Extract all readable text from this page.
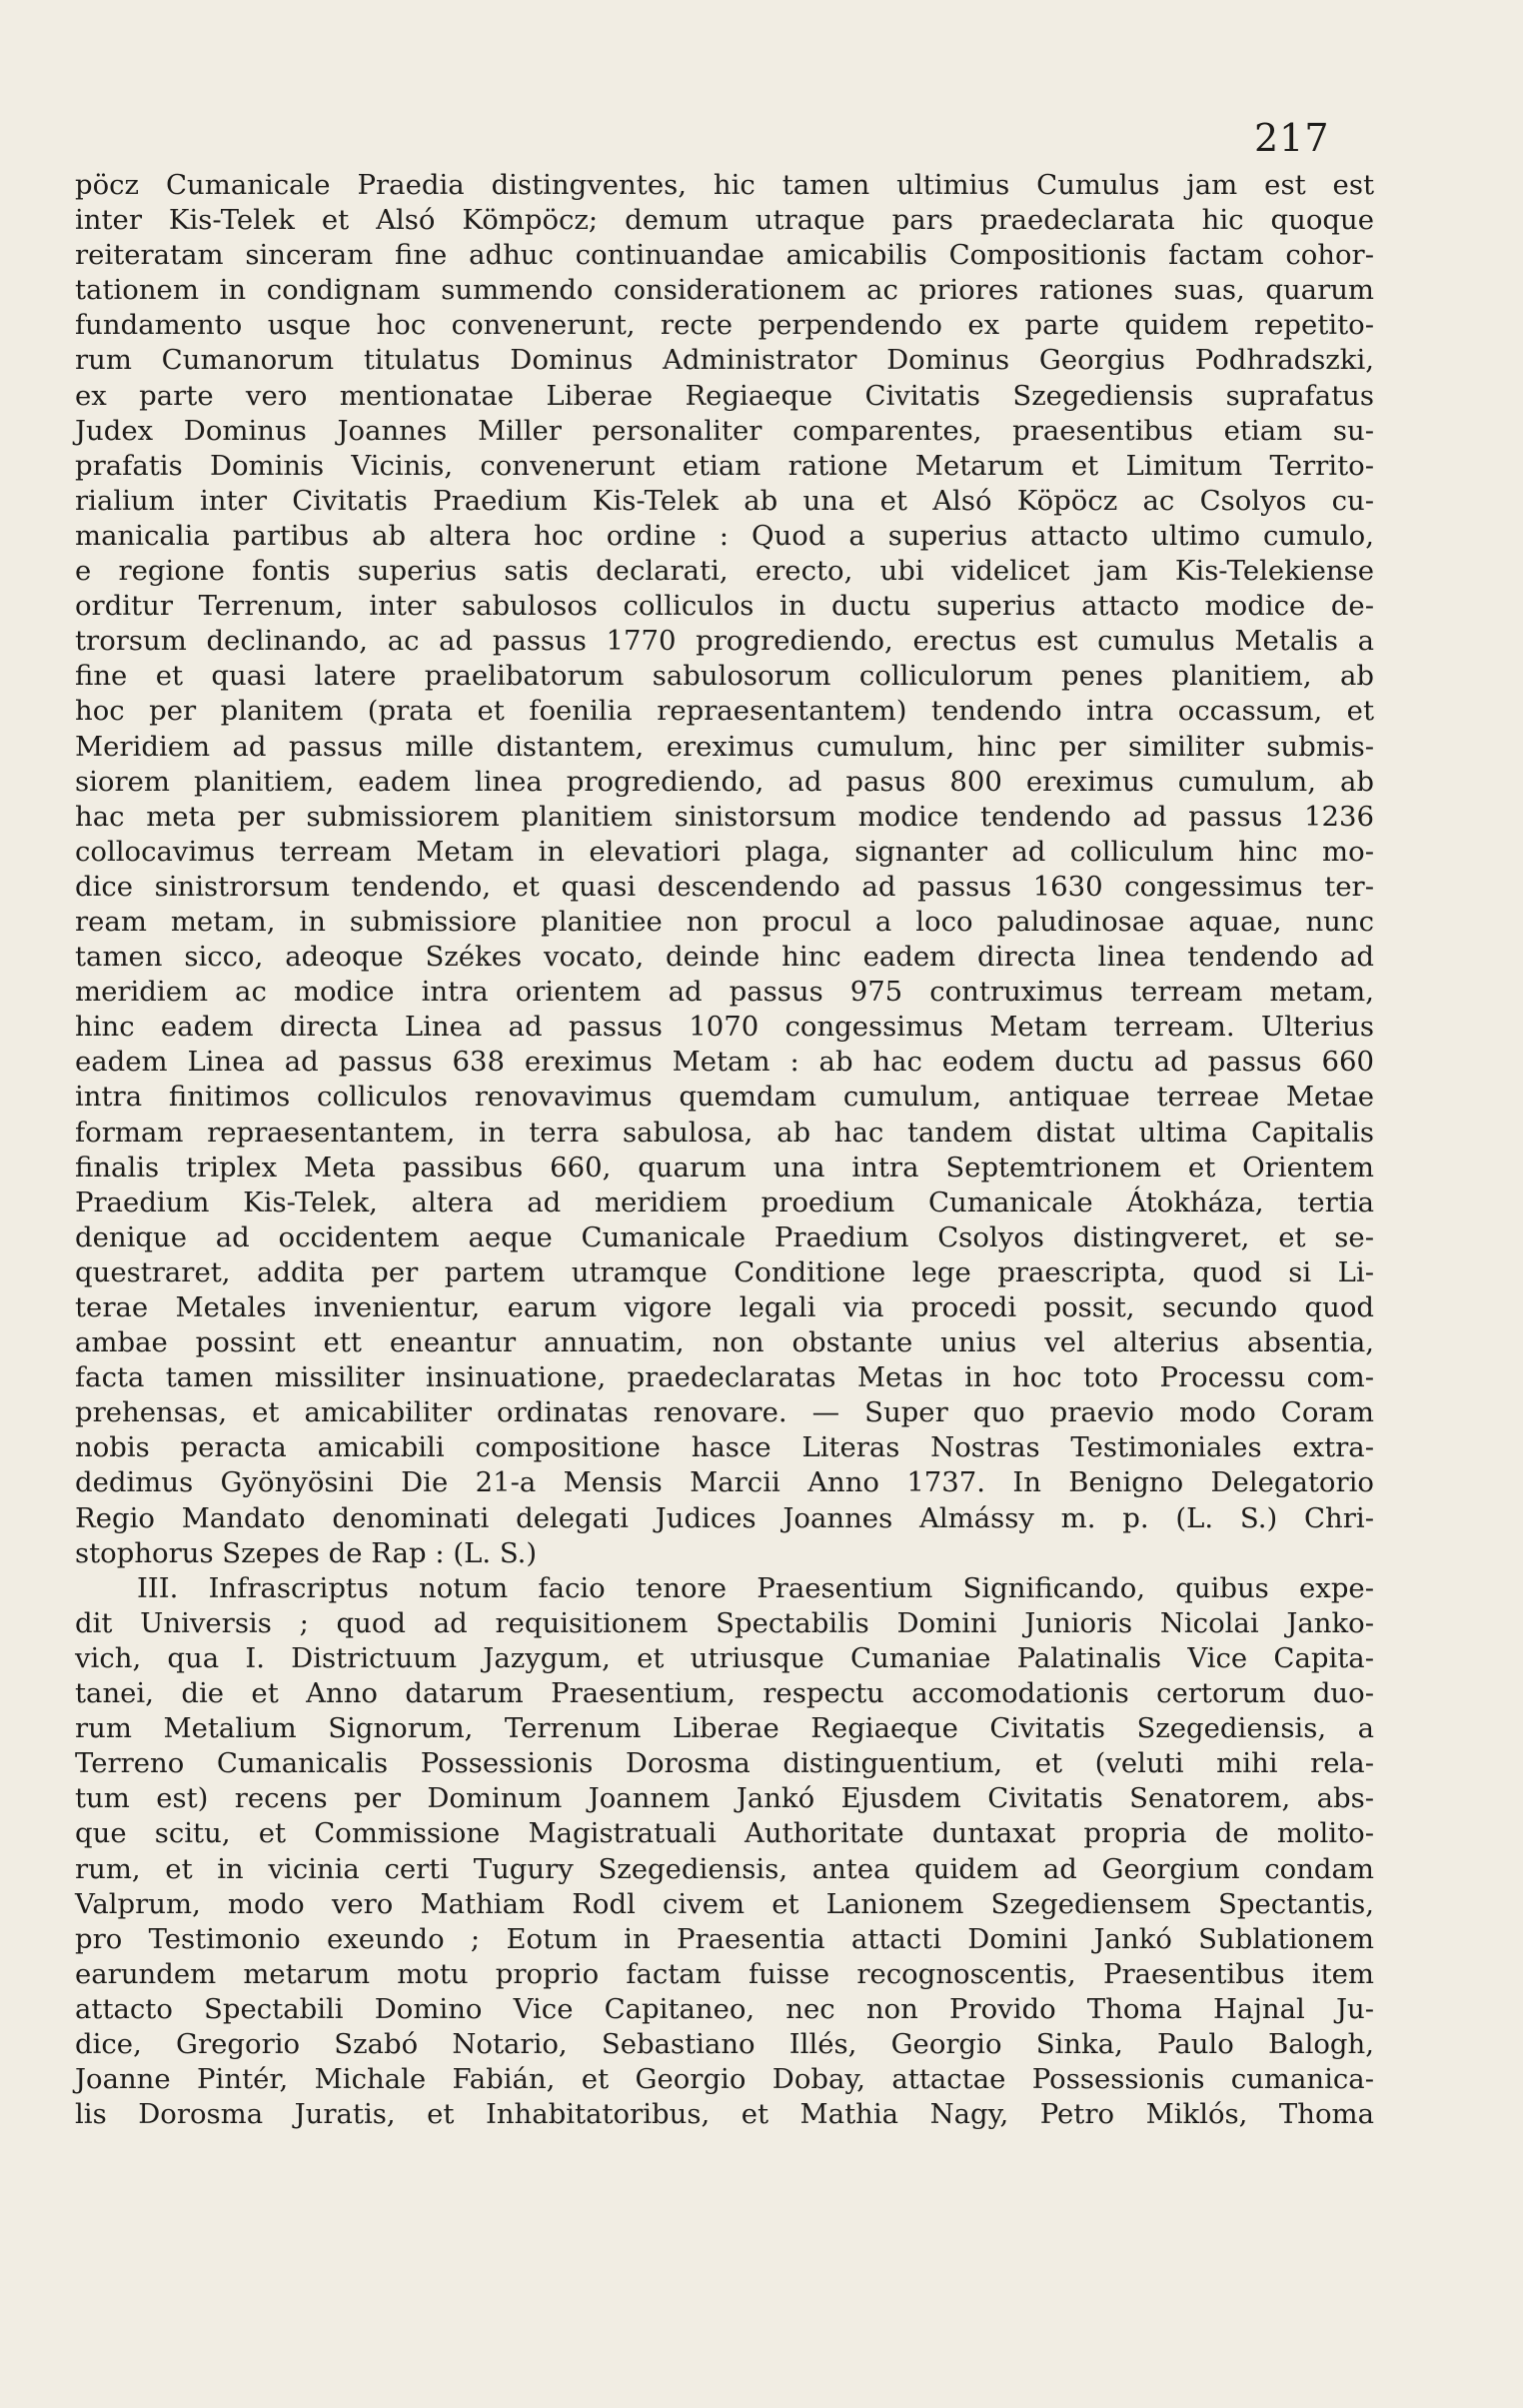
217
pöcz Cumanicale Praedia distingventes, hic tamen ultimius Cumulus jam est est
inter Kis-Telek et Alsó Kömpöcz; demum utraque pars praedeclarata hic quoque
reiteratam sinceram fine adhuc continuandae amicabilis Compositionis factam cohor-
tationem in condignam summendo considerationem ac priores rationes suas, quarum
fundamento usque hoc convenerunt, recte perpendendo ex parte quidem repetito-
rum Cumanorum titulatus Dominus Administrator Dominus Georgius Podhradszki,
ex parte vero mentionatae Liberae Regiaeque Civitatis Szegediensis suprafatus
Judex Dominus Joannes Miller personaliter comparentes, praesentibus etiam su-
prafatis Dominis Vicinis, convenerunt etiam ratione Metarum et Limitum Territo-
rialium inter Civitatis Praedium Kis-Telek ab una et Alsó Köpöcz ac Csolyos cu-
manicalia partibus ab altera hoc ordine : Quod a superius attacto ultimo cumulo,
e regione fontis superius satis declarati, erecto, ubi videlicet jam Kis-Telekiense
orditur Terrenum, inter sabulosos colliculos in ductu superius attacto modice de-
trorsum declinando, ac ad passus 1770 progrediendo, erectus est cumulus Metalis a
fine et quasi latere praelibatorum sabulosorum colliculorum penes planitiem, ab
hoc per planitem (prata et foenilia repraesentantem) tendendo intra occassum, et
Meridiem ad passus mille distantem, ereximus cumulum, hinc per similiter submis-
siorem planitiem, eadem linea progrediendo, ad pasus 800 ereximus cumulum, ab
hac meta per submissiorem planitiem sinistorsum modice tendendo ad passus 1236
collocavimus terream Metam in elevatiori plaga, signanter ad colliculum hinc mo-
dice sinistrorsum tendendo, et quasi descendendo ad passus 1630 congessimus ter-
ream metam, in submissiore planitiee non procul a loco paludinosae aquae, nunc
tamen sicco, adeoque Székes vocato, deinde hinc eadem directa linea tendendo ad
meridiem ac modice intra orientem ad passus 975 contruximus terream metam,
hinc eadem directa Linea ad passus 1070 congessimus Metam terream. Ulterius
eadem Linea ad passus 638 ereximus Metam : ab hac eodem ductu ad passus 660
intra finitimos colliculos renovavimus quemdam cumulum, antiquae terreae Metae
formam repraesentantem, in terra sabulosa, ab hac tandem distat ultima Capitalis
finalis triplex Meta passibus 660, quarum una intra Septemtrionem et Orientem
Praedium Kis-Telek, altera ad meridiem proedium Cumanicale Átokháza, tertia
denique ad occidentem aeque Cumanicale Praedium Csolyos distingveret, et se-
questraret, addita per partem utramque Conditione lege praescripta, quod si Li-
terae Metales invenientur, earum vigore legali via procedi possit, secundo quod
ambae possint ett eneantur annuatim, non obstante unius vel alterius absentia,
facta tamen missiliter insinuatione, praedeclaratas Metas in hoc toto Processu com-
prehensas, et amicabiliter ordinatas renovare. — Super quo praevio modo Coram
nobis peracta amicabili compositione hasce Literas Nostras Testimoniales extra-
dedimus Gyönyösini Die 21-a Mensis Marcii Anno 1737. In Benigno Delegatorio
Regio Mandato denominati delegati Judices Joannes Almássy m. p. (L. S.) Chri-
stophorus Szepes de Rap : (L. S.)
III. Infrascriptus notum facio tenore Praesentium Significando, quibus expe-
dit Universis ; quod ad requisitionem Spectabilis Domini Junioris Nicolai Janko-
vich, qua I. Districtuum Jazygum, et utriusque Cumaniae Palatinalis Vice Capita-
tanei, die et Anno datarum Praesentium, respectu accomodationis certorum duo-
rum Metalium Signorum, Terrenum Liberae Regiaeque Civitatis Szegediensis, a
Terreno Cumanicalis Possessionis Dorosma distinguentium, et (veluti mihi rela-
tum est) recens per Dominum Joannem Jankó Ejusdem Civitatis Senatorem, abs-
que scitu, et Commissione Magistratuali Authoritate duntaxat propria de molito-
rum, et in vicinia certi Tugury Szegediensis, antea quidem ad Georgium condam
Valprum, modo vero Mathiam Rodl civem et Lanionem Szegediensem Spectantis,
pro Testimonio exeundo ; Eotum in Praesentia attacti Domini Jankó Sublationem
earundem metarum motu proprio factam fuisse recognoscentis, Praesentibus item
attacto Spectabili Domino Vice Capitaneo, nec non Provido Thoma Hajnal Ju-
dice, Gregorio Szabó Notario, Sebastiano Illés, Georgio Sinka, Paulo Balogh,
Joanne Pintér, Michale Fabián, et Georgio Dobay, attactae Possessionis cumanica-
lis Dorosma Juratis, et Inhabitatoribus, et Mathia Nagy, Petro Miklós, Thoma
